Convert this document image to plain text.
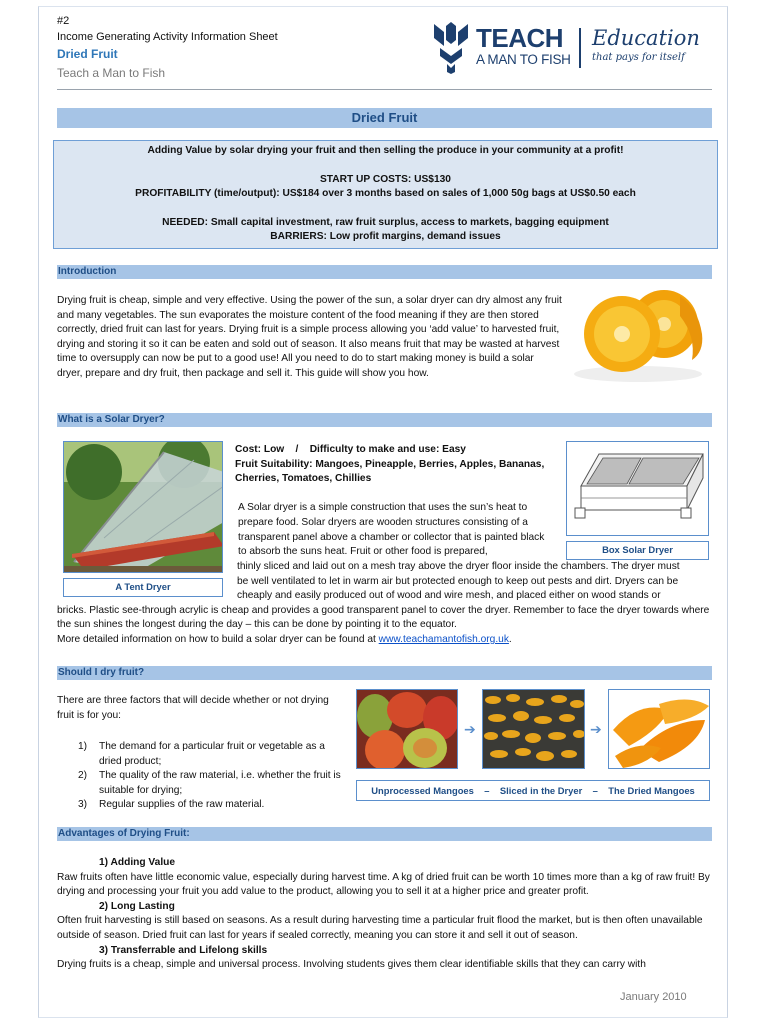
#2
Income Generating Activity Information Sheet
Dried Fruit
Teach a Man to Fish
TEACH
A MAN TO FISH
Education
that pays for itself
Dried Fruit
Adding Value by solar drying your fruit and then selling the produce in your community at a profit!
START UP COSTS: US$130
PROFITABILITY (time/output): US$184 over 3 months based on sales of 1,000 50g bags at US$0.50 each
NEEDED: Small capital investment, raw fruit surplus, access to markets, bagging equipment
BARRIERS: Low profit margins, demand issues
Introduction
Drying fruit is cheap, simple and very effective. Using the power of the sun, a solar dryer can dry almost any fruit and many vegetables. The sun evaporates the moisture content of the food meaning if they are then stored correctly, dried fruit can last for years. Drying fruit is a simple process allowing you ‘add value’ to harvested fruit, drying and storing it so it can be eaten and sold out of season. It also means fruit that may be wasted at harvest time to oversupply can now be put to a good use! All you need to do to start making money is build a solar dryer, prepare and dry fruit, then package and sell it. This guide will show you how.
What is a Solar Dryer?
A Tent Dryer
Box Solar Dryer
Cost: Low    /    Difficulty to make and use: Easy
Fruit Suitability: Mangoes, Pineapple, Berries, Apples, Bananas, Cherries, Tomatoes, Chillies
A Solar dryer is a simple construction that uses the sun’s heat to prepare food. Solar dryers are wooden structures consisting of a transparent panel above a chamber or collector that is painted black to absorb the suns heat. Fruit or other food is prepared,
thinly sliced and laid out on a mesh tray above the dryer floor inside the chambers. The dryer must
be well ventilated to let in warm air but protected enough to keep out pests and dirt. Dryers can be cheaply and easily produced out of wood and wire mesh, and placed either on wood stands or
bricks. Plastic see-through acrylic is cheap and provides a good transparent panel to cover the dryer. Remember to face the dryer towards where the sun shines the longest during the day – this can be done by pointing it to the equator.
More detailed information on how to build a solar dryer can be found at www.teachamantofish.org.uk.
Should I dry fruit?
There are three factors that will decide whether or not drying fruit is for you:
1)	The demand for a particular fruit or vegetable as a dried product;
2)	The quality of the raw material, i.e. whether the fruit is suitable for drying;
3)	Regular supplies of the raw material.
➔	➔
Unprocessed Mangoes    –    Sliced in the Dryer    –    The Dried Mangoes
Advantages of Drying Fruit:
1) Adding Value
Raw fruits often have little economic value, especially during harvest time. A kg of dried fruit can be worth 10 times more than a kg of raw fruit! By drying and processing your fruit you add value to the product, allowing you to sell it at a higher price and greater profit.
2) Long Lasting
Often fruit harvesting is still based on seasons. As a result during harvesting time a particular fruit flood the market, but is then often unavailable outside of season. Dried fruit can last for years if sealed correctly, meaning you can store it and sell it out of season.
3) Transferrable and Lifelong skills
Drying fruits is a cheap, simple and universal process. Involving students gives them clear identifiable skills that they can carry with
January 2010
